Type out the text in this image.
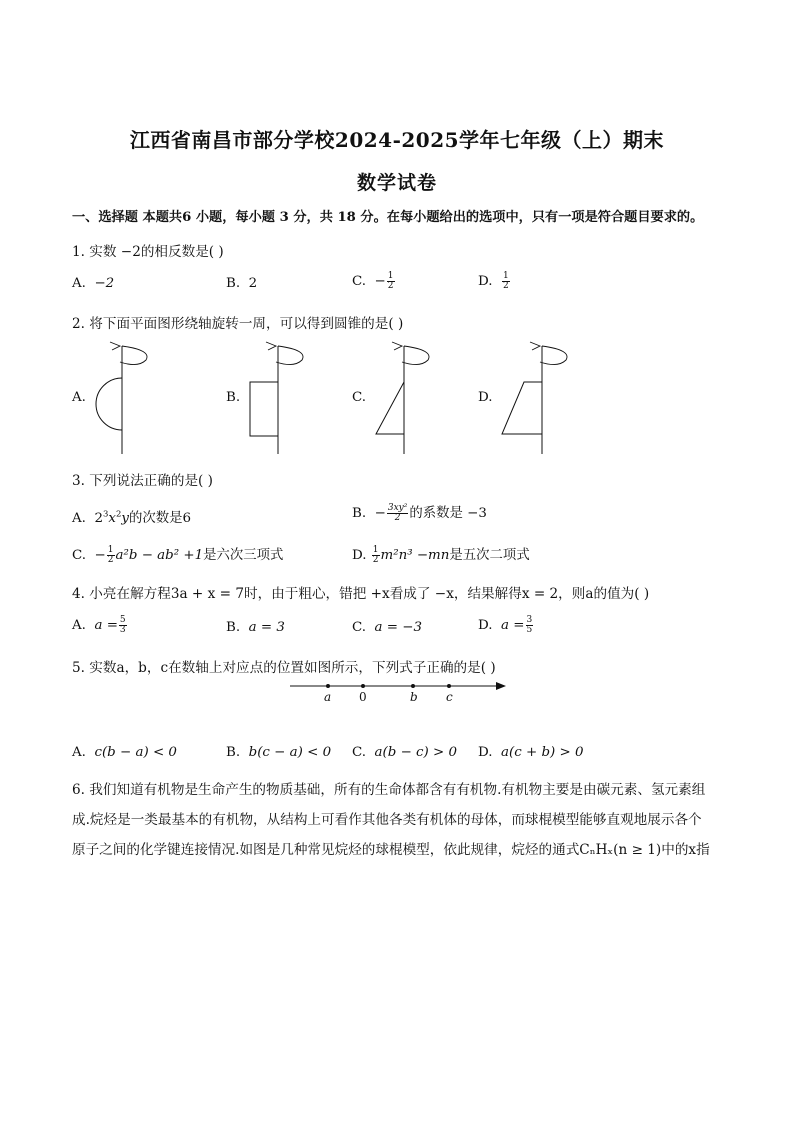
江西省南昌市部分学校2024-2025学年七年级（上）期末
数学试卷
一、选择题 本题共6 小题，每小题 3 分，共 18 分。在每小题给出的选项中，只有一项是符合题目要求的。
1. 实数 −2的相反数是( )
A. −2	B. 2	C. − $\frac{1}{2}$	D. $\frac{1}{2}$
2. 将下面平面图形绕轴旋转一周，可以得到圆锥的是( )
A.	B.	C.	D.
3. 下列说法正确的是( )
A. $2^3x^2y$的次数是6	B. − $\frac{\text{3xy²}}{2}$ 的系数是 −3
C. − $\frac{1}{2} a^2b - ab^2 +1$是六次三项式	D. $\frac{1}{2} m^2n^3 -mn$是五次二项式
4. 小亮在解方程3a + x = 7时，由于粗心，错把 +x看成了 −x，结果解得x = 2，则a的值为( )
A. $a = \frac{5}{3}$	B. a = 3	C. a = −3	D. $a = \frac{3}{5}$
5. 实数a，b，c在数轴上对应点的位置如图所示，下列式子正确的是( )
a 0	b c
A. c(b − a) < 0	B. b(c − a) < 0 C. a(b − c) > 0 D. a(c + b) > 0
6. 我们知道有机物是生命产生的物质基础，所有的生命体都含有有机物.有机物主要是由碳元素、氢元素组
成.烷烃是一类最基本的有机物，从结构上可看作其他各类有机体的母体，而球棍模型能够直观地展示各个
原子之间的化学键连接情况.如图是几种常见烷烃的球棍模型，依此规律，烷烃的通式CₙHₓ(n ≥ 1)中的x指
